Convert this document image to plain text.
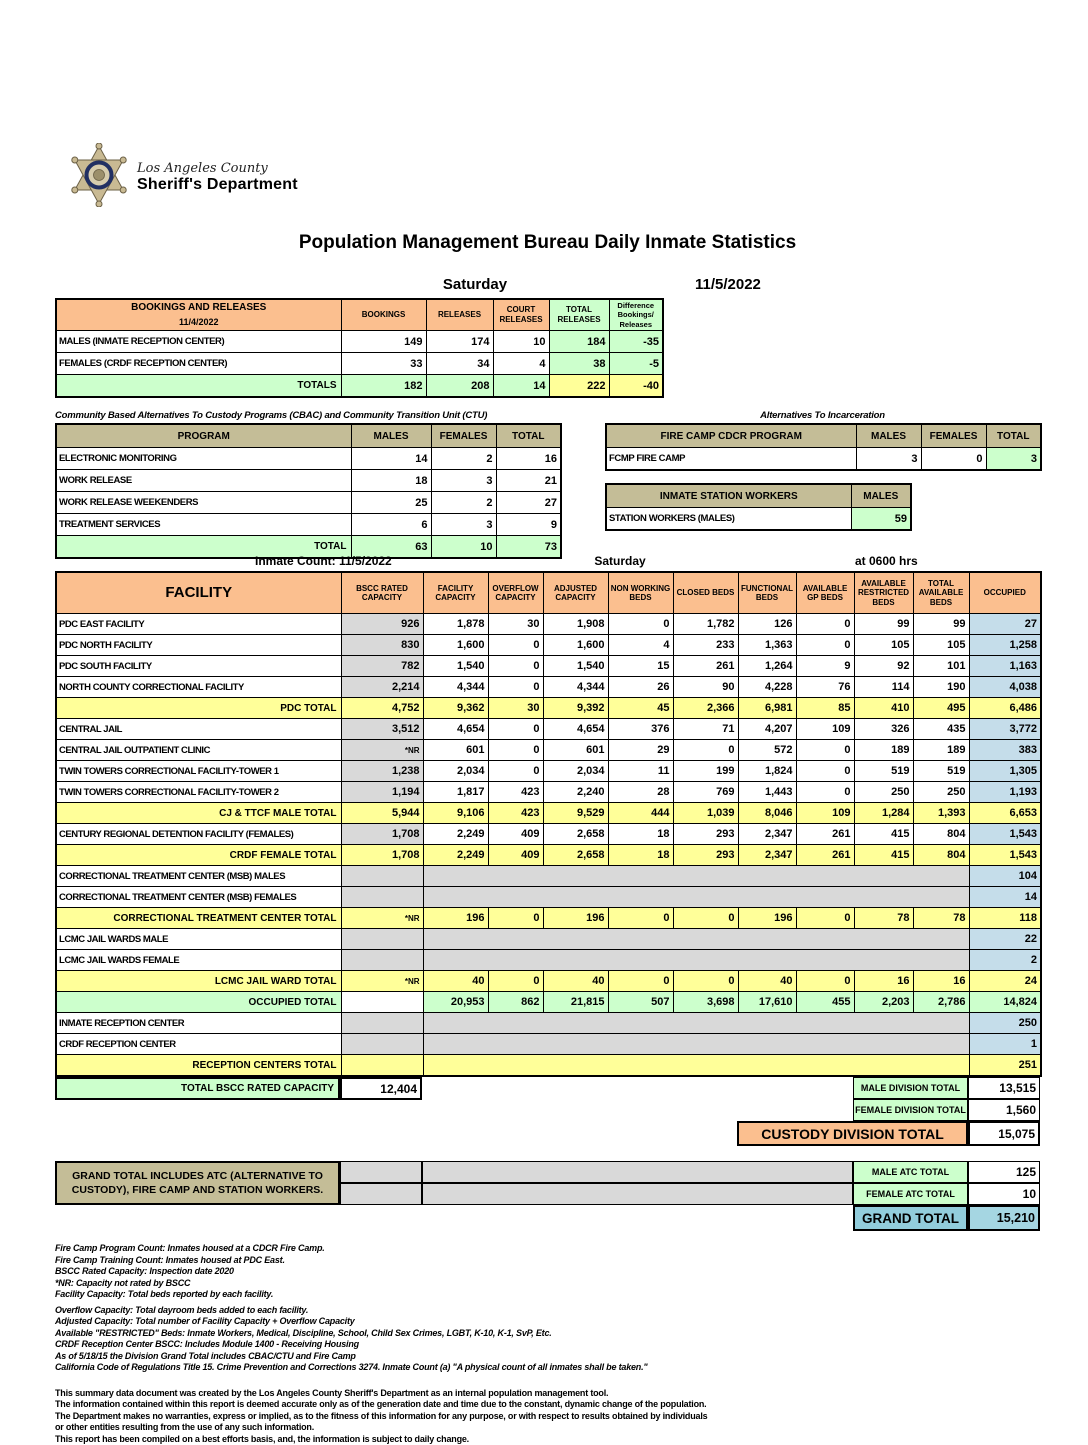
Los Angeles County
Sheriff's Department
Population Management Bureau Daily Inmate Statistics
Saturday	11/5/2022
BOOKINGS AND RELEASES
11/4/2022	BOOKINGS	RELEASES	COURT RELEASES	TOTAL RELEASES	Difference Bookings/ Releases
MALES (INMATE RECEPTION CENTER)	149	174	10	184	-35
FEMALES (CRDF RECEPTION CENTER)	33	34	4	38	-5
TOTALS	182	208	14	222	-40
Community Based Alternatives To Custody Programs (CBAC) and Community Transition Unit (CTU)
PROGRAM	MALES	FEMALES	TOTAL
ELECTRONIC MONITORING	14	2	16
WORK RELEASE	18	3	21
WORK RELEASE WEEKENDERS	25	2	27
TREATMENT SERVICES	6	3	9
TOTAL	63	10	73
Alternatives To Incarceration
FIRE CAMP CDCR PROGRAM	MALES	FEMALES	TOTAL
FCMP FIRE CAMP	3	0	3
INMATE STATION WORKERS	MALES
STATION WORKERS (MALES)	59
Inmate Count: 11/5/2022	Saturday	at 0600 hrs
FACILITY	BSCC RATED CAPACITY	FACILITY CAPACITY	OVERFLOW CAPACITY	ADJUSTED CAPACITY	NON WORKING BEDS	CLOSED BEDS	FUNCTIONAL BEDS	AVAILABLE GP BEDS	AVAILABLE RESTRICTED BEDS	TOTAL AVAILABLE BEDS	OCCUPIED
PDC EAST FACILITY	926	1,878	30	1,908	0	1,782	126	0	99	99	27
PDC NORTH FACILITY	830	1,600	0	1,600	4	233	1,363	0	105	105	1,258
PDC SOUTH FACILITY	782	1,540	0	1,540	15	261	1,264	9	92	101	1,163
NORTH COUNTY CORRECTIONAL FACILITY	2,214	4,344	0	4,344	26	90	4,228	76	114	190	4,038
PDC TOTAL	4,752	9,362	30	9,392	45	2,366	6,981	85	410	495	6,486
CENTRAL JAIL	3,512	4,654	0	4,654	376	71	4,207	109	326	435	3,772
CENTRAL JAIL OUTPATIENT CLINIC	*NR	601	0	601	29	0	572	0	189	189	383
TWIN TOWERS CORRECTIONAL FACILITY-TOWER 1	1,238	2,034	0	2,034	11	199	1,824	0	519	519	1,305
TWIN TOWERS CORRECTIONAL FACILITY-TOWER 2	1,194	1,817	423	2,240	28	769	1,443	0	250	250	1,193
CJ & TTCF MALE TOTAL	5,944	9,106	423	9,529	444	1,039	8,046	109	1,284	1,393	6,653
CENTURY REGIONAL DETENTION FACILITY (FEMALES)	1,708	2,249	409	2,658	18	293	2,347	261	415	804	1,543
CRDF FEMALE TOTAL	1,708	2,249	409	2,658	18	293	2,347	261	415	804	1,543
CORRECTIONAL TREATMENT CENTER (MSB) MALES											104
CORRECTIONAL TREATMENT CENTER (MSB) FEMALES											14
CORRECTIONAL TREATMENT CENTER TOTAL	*NR	196	0	196	0	0	196	0	78	78	118
LCMC JAIL WARDS MALE											22
LCMC JAIL WARDS FEMALE											2
LCMC JAIL WARD TOTAL	*NR	40	0	40	0	0	40	0	16	16	24
OCCUPIED TOTAL		20,953	862	21,815	507	3,698	17,610	455	2,203	2,786	14,824
INMATE RECEPTION CENTER											250
CRDF RECEPTION CENTER											1
RECEPTION CENTERS TOTAL											251
TOTAL BSCC RATED CAPACITY	12,404	MALE DIVISION TOTAL	13,515
FEMALE DIVISION TOTAL	1,560
CUSTODY DIVISION TOTAL	15,075
GRAND TOTAL INCLUDES ATC (ALTERNATIVE TO
CUSTODY), FIRE CAMP AND STATION WORKERS.
MALE ATC TOTAL	125
FEMALE ATC TOTAL	10
GRAND TOTAL	15,210
Fire Camp Program Count: Inmates housed at a CDCR Fire Camp.
Fire Camp Training Count: Inmates housed at PDC East.
BSCC Rated Capacity: Inspection date 2020
*NR: Capacity not rated by BSCC
Facility Capacity: Total beds reported by each facility.
Overflow Capacity: Total dayroom beds added to each facility.
Adjusted Capacity: Total number of Facility Capacity + Overflow Capacity
Available "RESTRICTED" Beds: Inmate Workers, Medical, Discipline, School, Child Sex Crimes, LGBT, K-10, K-1, SvP, Etc.
CRDF Reception Center BSCC: Includes Module 1400 - Receiving Housing
As of 5/18/15 the Division Grand Total includes CBAC/CTU and Fire Camp
California Code of Regulations Title 15. Crime Prevention and Corrections 3274. Inmate Count (a) "A physical count of all inmates shall be taken."
This summary data document was created by the Los Angeles County Sheriff's Department as an internal population management tool.
The information contained within this report is deemed accurate only as of the generation date and time due to the constant, dynamic change of the population.
The Department makes no warranties, express or implied, as to the fitness of this information for any purpose, or with respect to results obtained by individuals
or other entities resulting from the use of any such information.
This report has been compiled on a best efforts basis, and, the information is subject to daily change.
